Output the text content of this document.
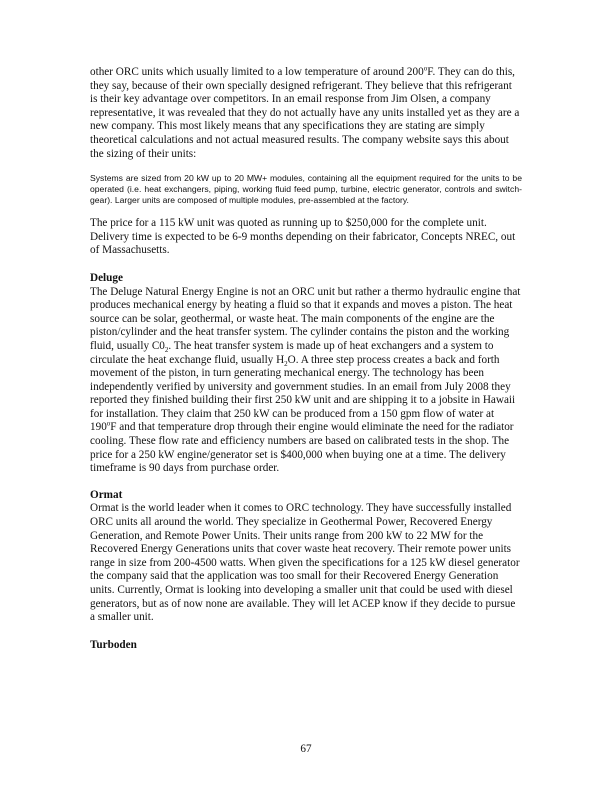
other ORC units which usually limited to a low temperature of around 200$^o$F. They can do this, they say, because of their own specially designed refrigerant. They believe that this refrigerant is their key advantage over competitors. In an email response from Jim Olsen, a company representative, it was revealed that they do not actually have any units installed yet as they are a new company. This most likely means that any specifications they are stating are simply theoretical calculations and not actual measured results. The company website says this about the sizing of their units:

Systems are sized from 20 kW up to 20 MW+ modules, containing all the equipment required for the units to be operated (i.e. heat exchangers, piping, working fluid feed pump, turbine, electric generator, controls and switch-gear). Larger units are composed of multiple modules, pre-assembled at the factory.

The price for a 115 kW unit was quoted as running up to $250,000 for the complete unit. Delivery time is expected to be 6-9 months depending on their fabricator, Concepts NREC, out of Massachusetts.

Deluge

The Deluge Natural Energy Engine is not an ORC unit but rather a thermo hydraulic engine that produces mechanical energy by heating a fluid so that it expands and moves a piston. The heat source can be solar, geothermal, or waste heat. The main components of the engine are the piston/cylinder and the heat transfer system. The cylinder contains the piston and the working fluid, usually $C0_2$. The heat transfer system is made up of heat exchangers and a system to circulate the heat exchange fluid, usually $H_2O$. A three step process creates a back and forth movement of the piston, in turn generating mechanical energy. The technology has been independently verified by university and government studies. In an email from July 2008 they reported they finished building their first 250 kW unit and are shipping it to a jobsite in Hawaii for installation. They claim that 250 kW can be produced from a 150 gpm flow of water at 190$^o$F and that temperature drop through their engine would eliminate the need for the radiator cooling. These flow rate and efficiency numbers are based on calibrated tests in the shop. The price for a 250 kW engine/generator set is $400,000 when buying one at a time. The delivery timeframe is 90 days from purchase order.

Ormat

Ormat is the world leader when it comes to ORC technology. They have successfully installed ORC units all around the world. They specialize in Geothermal Power, Recovered Energy Generation, and Remote Power Units. Their units range from 200 kW to 22 MW for the Recovered Energy Generations units that cover waste heat recovery. Their remote power units range in size from 200-4500 watts. When given the specifications for a 125 kW diesel generator the company said that the application was too small for their Recovered Energy Generation units. Currently, Ormat is looking into developing a smaller unit that could be used with diesel generators, but as of now none are available. They will let ACEP know if they decide to pursue a smaller unit.

Turboden

67
